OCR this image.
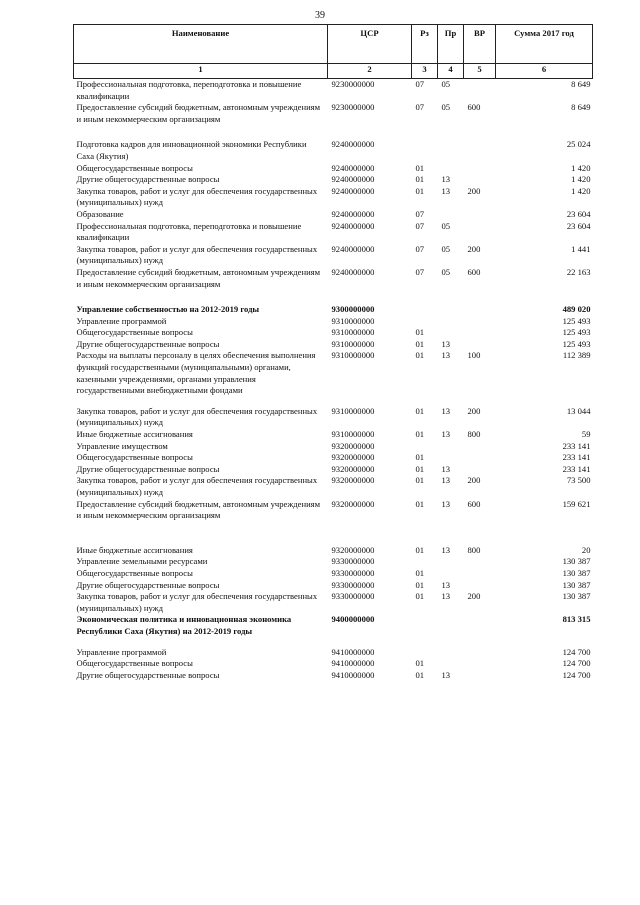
39
Наименование	ЦСР	Рз	Пр	ВР	Сумма 2017 год
1	2	3	4	5	6
Профессиональная подготовка, переподготовка и повышение квалификации	9230000000	07	05		8 649
Предоставление субсидий бюджетным, автономным учреждениям и иным некоммерческим организациям	9230000000	07	05	600	8 649

Подготовка кадров для инновационной экономики Республики Саха (Якутия)	9240000000				25 024
Общегосударственные вопросы	9240000000	01			1 420
Другие общегосударственные вопросы	9240000000	01	13		1 420
Закупка товаров, работ и услуг для обеспечения государственных (муниципальных) нужд	9240000000	01	13	200	1 420
Образование	9240000000	07			23 604
Профессиональная подготовка, переподготовка и повышение квалификации	9240000000	07	05		23 604
Закупка товаров, работ и услуг для обеспечения государственных (муниципальных) нужд	9240000000	07	05	200	1 441
Предоставление субсидий бюджетным, автономным учреждениям и иным некоммерческим организациям	9240000000	07	05	600	22 163

Управление собственностью на 2012-2019 годы	9300000000				489 020
Управление программой	9310000000				125 493
Общегосударственные вопросы	9310000000	01			125 493
Другие общегосударственные вопросы	9310000000	01	13		125 493
Расходы на выплаты персоналу в целях обеспечения выполнения функций государственными (муниципальными) органами, казенными учреждениями, органами управления государственными внебюджетными фондами	9310000000	01	13	100	112 389

Закупка товаров, работ и услуг для обеспечения государственных (муниципальных) нужд	9310000000	01	13	200	13 044
Иные бюджетные ассигнования	9310000000	01	13	800	59
Управление имуществом	9320000000				233 141
Общегосударственные вопросы	9320000000	01			233 141
Другие общегосударственные вопросы	9320000000	01	13		233 141
Закупка товаров, работ и услуг для обеспечения государственных (муниципальных) нужд	9320000000	01	13	200	73 500
Предоставление субсидий бюджетным, автономным учреждениям и иным некоммерческим организациям	9320000000	01	13	600	159 621

Иные бюджетные ассигнования	9320000000	01	13	800	20
Управление земельными ресурсами	9330000000				130 387
Общегосударственные вопросы	9330000000	01			130 387
Другие общегосударственные вопросы	9330000000	01	13		130 387
Закупка товаров, работ и услуг для обеспечения государственных (муниципальных) нужд	9330000000	01	13	200	130 387
Экономическая политика и инновационная экономика Республики Саха (Якутия) на 2012-2019 годы	9400000000				813 315

Управление программой	9410000000				124 700
Общегосударственные вопросы	9410000000	01			124 700
Другие общегосударственные вопросы	9410000000	01	13		124 700
